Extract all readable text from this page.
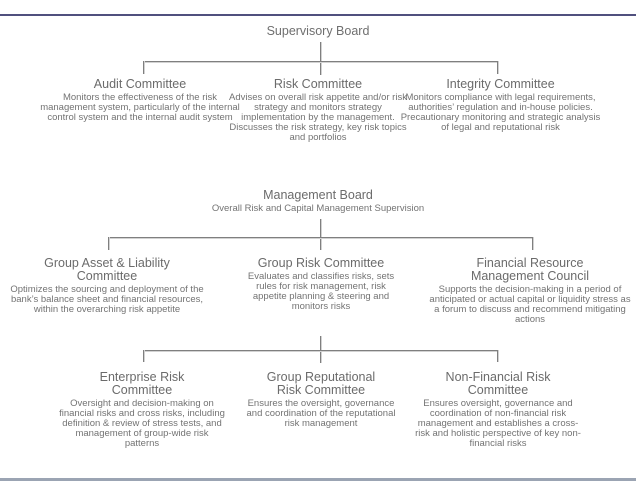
Supervisory Board
Audit Committee
Monitors the effectiveness of the risk management system, particularly of the internal control system and the internal audit system
Risk Committee
Advises on overall risk appetite and/or risk strategy and monitors strategy implementation by the management. Discusses the risk strategy, key risk topics and portfolios
Integrity Committee
Monitors compliance with legal requirements, authorities’ regulation and in-house policies. Precautionary monitoring and strategic analysis of legal and reputational risk
Management Board
Overall Risk and Capital Management Supervision
Group Asset & Liability Committee
Optimizes the sourcing and deployment of the bank’s balance sheet and financial resources, within the overarching risk appetite
Group Risk Committee
Evaluates and classifies risks, sets rules for risk management, risk appetite planning & steering and monitors risks
Financial Resource Management Council
Supports the decision-making in a period of anticipated or actual capital or liquidity stress as a forum to discuss and recommend mitigating actions
Enterprise Risk Committee
Oversight and decision-making on financial risks and cross risks, including definition & review of stress tests, and management of group-wide risk patterns
Group Reputational Risk Committee
Ensures the oversight, governance and coordination of the reputational risk management
Non-Financial Risk Committee
Ensures oversight, governance and coordination of non-financial risk management and establishes a cross-risk and holistic perspective of key non-financial risks
